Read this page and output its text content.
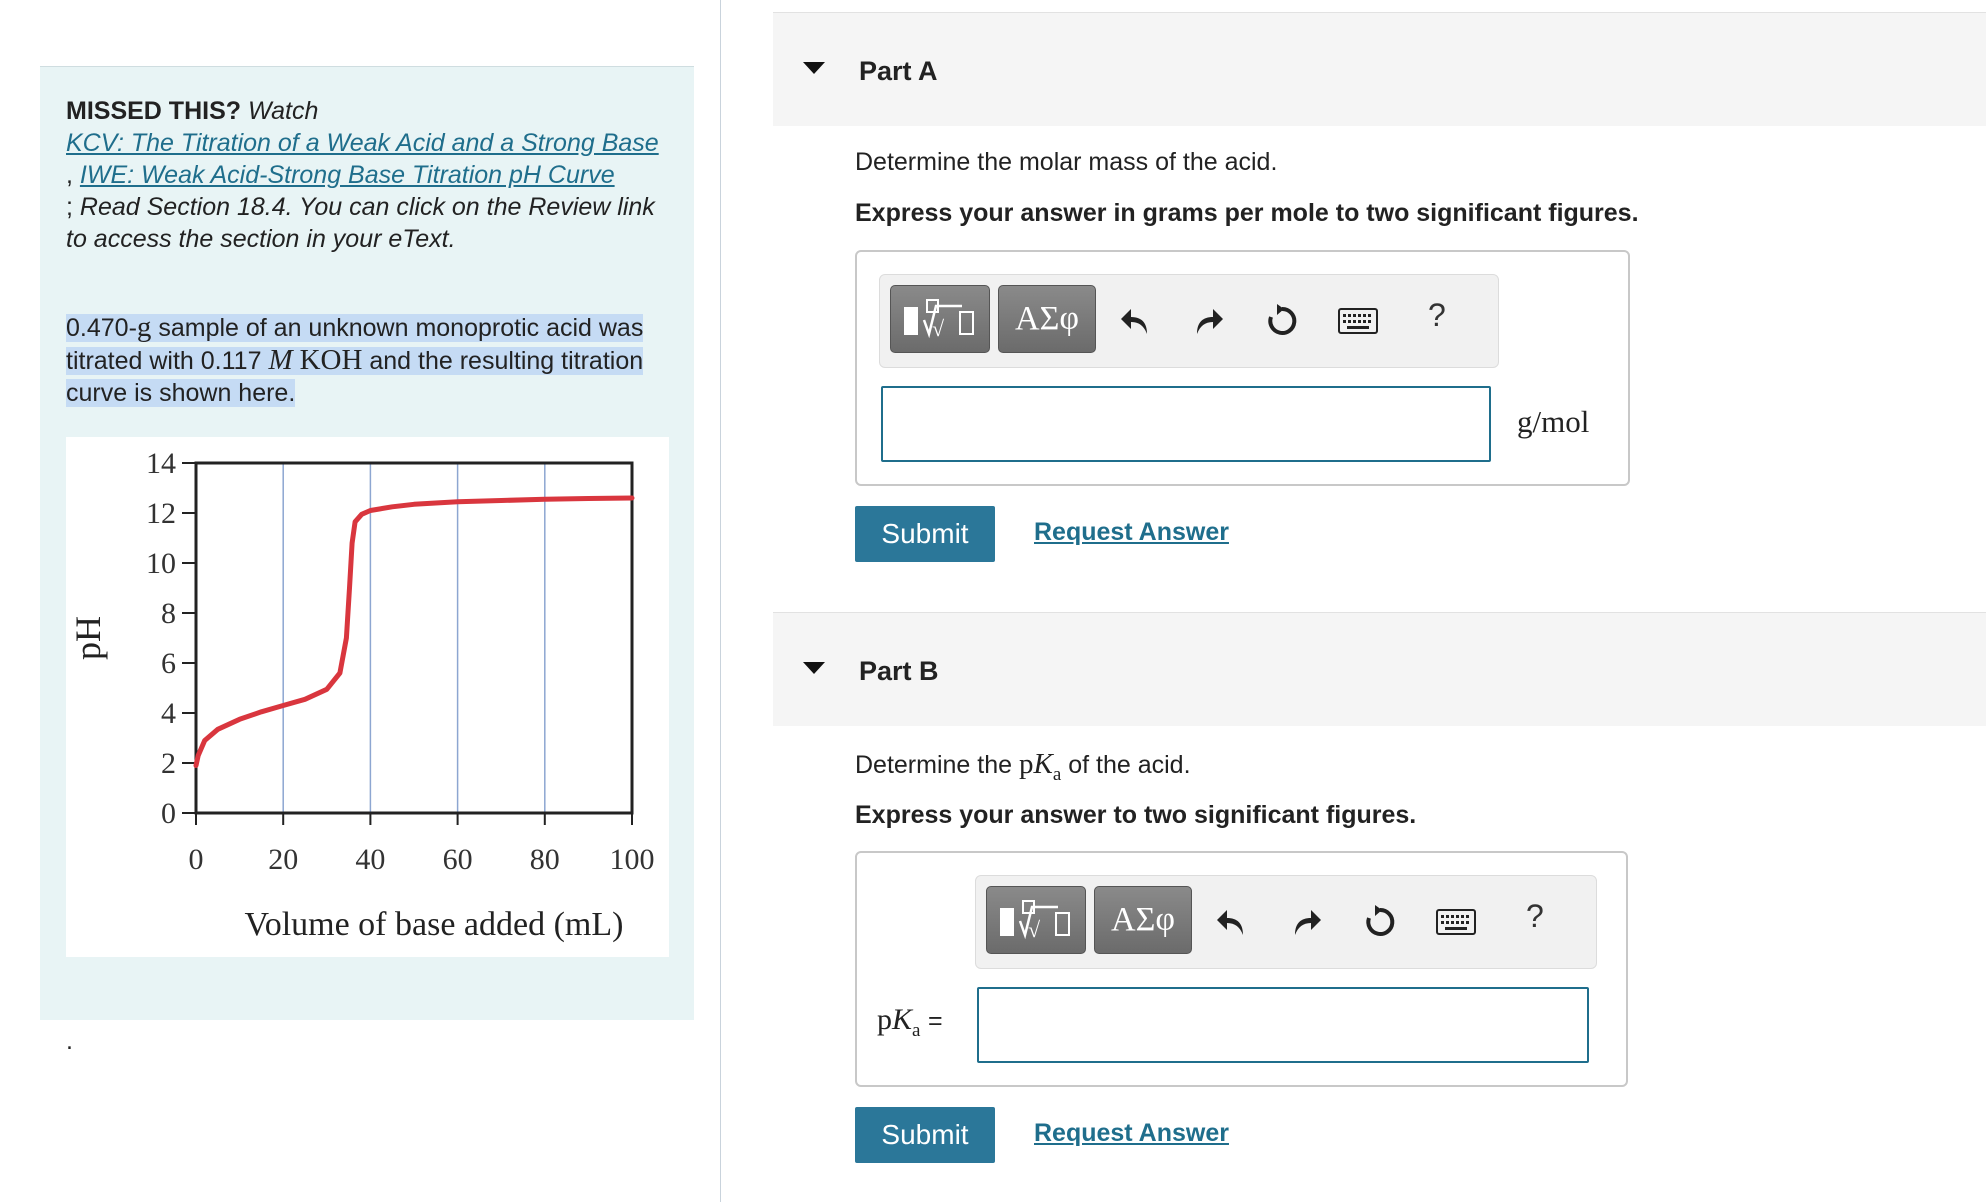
MISSED THIS? Watch
KCV: The Titration of a Weak Acid and a Strong Base
, IWE: Weak Acid-Strong Base Titration pH Curve
; Read Section 18.4. You can click on the Review link to access the section in your eText.
0.470-g sample of an unknown monoprotic acid was titrated with 0.117 M KOH and the resulting titration curve is shown here.
0
2
4
6
8
10
12
14
0 20 40 60 80 100
Volume of base added (mL)
pH
.
Part A
Determine the molar mass of the acid.
Express your answer in grams per mole to two significant figures.
√	ΑΣφ	?
g/mol
Submit	Request Answer
Part B
Determine the $pK_a$ of the acid.
Express your answer to two significant figures.
√	ΑΣφ	?
$pK_a$ =
Submit	Request Answer
